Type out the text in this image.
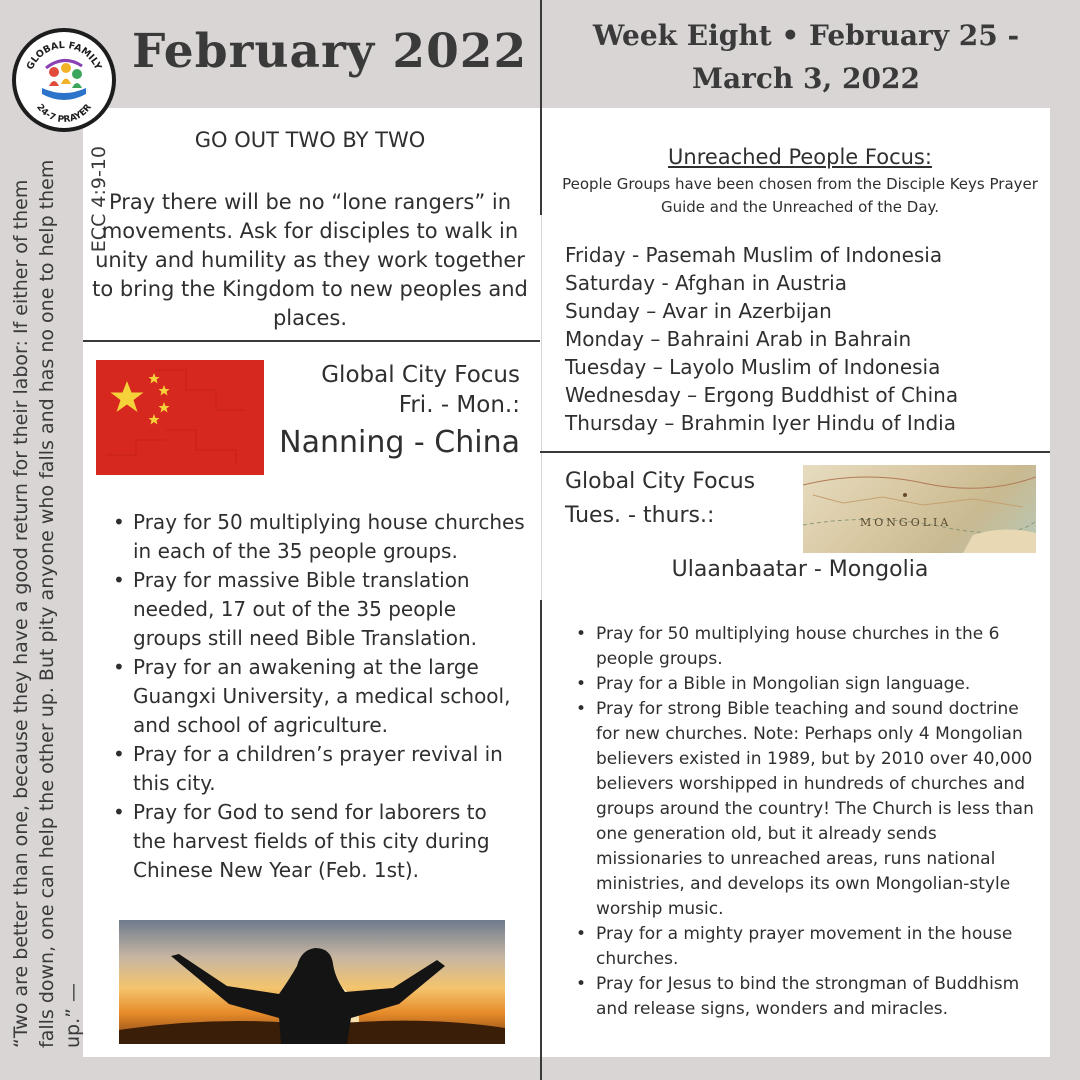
GLOBAL FAMILY
24-7 PRAYER
February 2022	Week Eight • February 25 - March 3, 2022
“Two are better than one, because they have a good return for their labor: If either of them falls down, one can help the other up. But pity anyone who falls and has no one to help them up.” —
ECC 4:9-10
GO OUT TWO BY TWO
Pray there will be no “lone rangers” in movements. Ask for disciples to walk in unity and humility as they work together to bring the Kingdom to new peoples and places.
Global City Focus
Fri. - Mon.:
Nanning - China
• Pray for 50 multiplying house churches in each of the 35 people groups.
• Pray for massive Bible translation needed, 17 out of the 35 people groups still need Bible Translation.
• Pray for an awakening at the large Guangxi University, a medical school, and school of agriculture.
• Pray for a children’s prayer revival in this city.
• Pray for God to send for laborers to the harvest fields of this city during Chinese New Year (Feb. 1st).
Unreached People Focus:
People Groups have been chosen from the Disciple Keys Prayer Guide and the Unreached of the Day.
Friday - Pasemah Muslim of Indonesia
Saturday - Afghan in Austria
Sunday – Avar in Azerbijan
Monday – Bahraini Arab in Bahrain
Tuesday – Layolo Muslim of Indonesia
Wednesday – Ergong Buddhist of China
Thursday – Brahmin Iyer Hindu of India
Global City Focus
Tues. - thurs.:	MONGOLIA
Ulaanbaatar - Mongolia
• Pray for 50 multiplying house churches in the 6 people groups.
• Pray for a Bible in Mongolian sign language.
• Pray for strong Bible teaching and sound doctrine for new churches. Note: Perhaps only 4 Mongolian believers existed in 1989, but by 2010 over 40,000 believers worshipped in hundreds of churches and groups around the country! The Church is less than one generation old, but it already sends missionaries to unreached areas, runs national ministries, and develops its own Mongolian-style worship music.
• Pray for a mighty prayer movement in the house churches.
• Pray for Jesus to bind the strongman of Buddhism and release signs, wonders and miracles.
